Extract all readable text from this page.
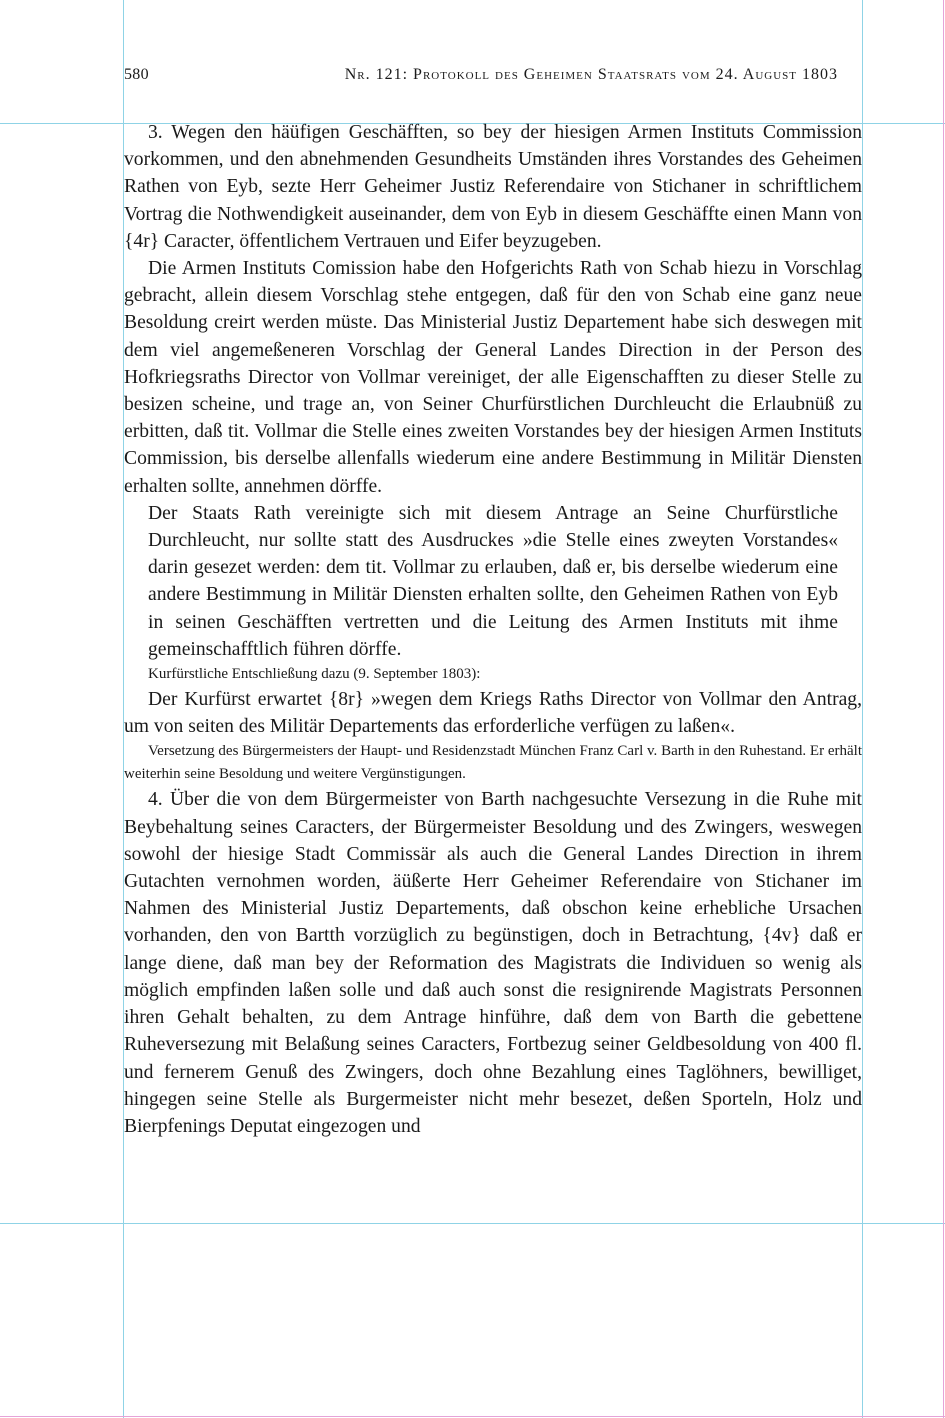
580	Nr. 121: Protokoll des Geheimen Staatsrats vom 24. August 1803

3. Wegen den häüfigen Geschäfften, so bey der hiesigen Armen Instituts Commission vorkommen, und den abnehmenden Gesundheits Umständen ihres Vorstandes des Geheimen Rathen von Eyb, sezte Herr Geheimer Justiz Referendaire von Stichaner in schriftlichem Vortrag die Nothwendigkeit auseinander, dem von Eyb in diesem Geschäffte einen Mann von {4r} Caracter, öffentlichem Vertrauen und Eifer beyzugeben.

Die Armen Instituts Comission habe den Hofgerichts Rath von Schab hiezu in Vorschlag gebracht, allein diesem Vorschlag stehe entgegen, daß für den von Schab eine ganz neue Besoldung creirt werden müste. Das Ministerial Justiz Departement habe sich deswegen mit dem viel angemeßeneren Vorschlag der General Landes Direction in der Person des Hofkriegsraths Director von Vollmar vereiniget, der alle Eigenschafften zu dieser Stelle zu besizen scheine, und trage an, von Seiner Churfürstlichen Durchleucht die Erlaubnüß zu erbitten, daß tit. Vollmar die Stelle eines zweiten Vorstandes bey der hiesigen Armen Instituts Commission, bis derselbe allenfalls wiederum eine andere Bestimmung in Militär Diensten erhalten sollte, annehmen dörffe.

Der Staats Rath vereinigte sich mit diesem Antrage an Seine Churfürstliche Durchleucht, nur sollte statt des Ausdruckes »die Stelle eines zweyten Vorstandes« darin gesezet werden: dem tit. Vollmar zu erlauben, daß er, bis derselbe wiederum eine andere Bestimmung in Militär Diensten erhalten sollte, den Geheimen Rathen von Eyb in seinen Geschäfften vertretten und die Leitung des Armen Instituts mit ihme gemeinschafftlich führen dörffe.

Kurfürstliche Entschließung dazu (9. September 1803):

Der Kurfürst erwartet {8r} »wegen dem Kriegs Raths Director von Vollmar den Antrag, um von seiten des Militär Departements das erforderliche verfügen zu laßen«.

Versetzung des Bürgermeisters der Haupt- und Residenzstadt München Franz Carl v. Barth in den Ruhestand. Er erhält weiterhin seine Besoldung und weitere Vergünstigungen.

4. Über die von dem Bürgermeister von Barth nachgesuchte Versezung in die Ruhe mit Beybehaltung seines Caracters, der Bürgermeister Besoldung und des Zwingers, weswegen sowohl der hiesige Stadt Commissär als auch die General Landes Direction in ihrem Gutachten vernohmen worden, äüßerte Herr Geheimer Referendaire von Stichaner im Nahmen des Ministerial Justiz Departements, daß obschon keine erhebliche Ursachen vorhanden, den von Bartth vorzüglich zu begünstigen, doch in Betrachtung, {4v} daß er lange diene, daß man bey der Reformation des Magistrats die Individuen so wenig als möglich empfinden laßen solle und daß auch sonst die resignirende Magistrats Personnen ihren Gehalt behalten, zu dem Antrage hinführe, daß dem von Barth die gebettene Ruheversezung mit Belaßung seines Caracters, Fortbezug seiner Geldbesoldung von 400 fl. und fernerem Genuß des Zwingers, doch ohne Bezahlung eines Taglöhners, bewilliget, hingegen seine Stelle als Burgermeister nicht mehr besezet, deßen Sporteln, Holz und Bierpfenings Deputat eingezogen und
